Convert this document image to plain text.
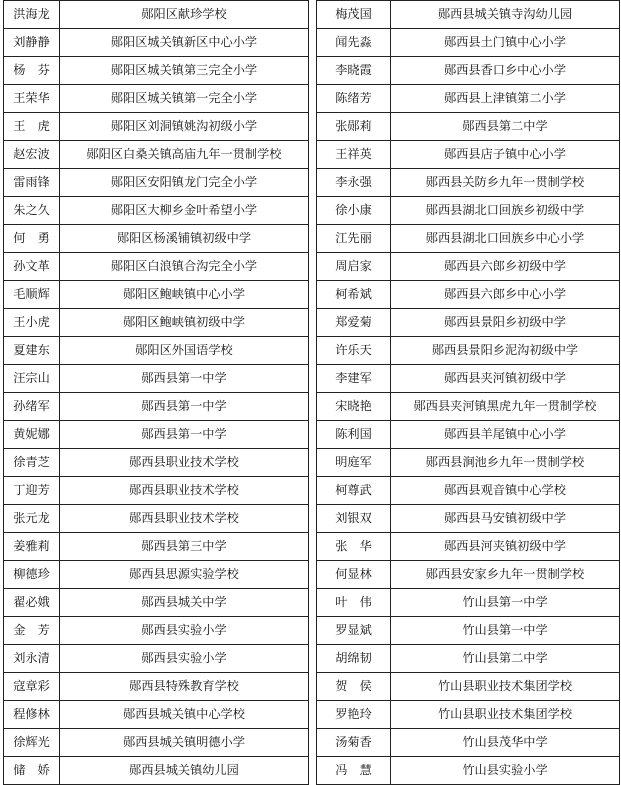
洪海龙	郧阳区献珍学校
刘静静	郧阳区城关镇新区中心小学
杨　芬	郧阳区城关镇第三完全小学
王荣华	郧阳区城关镇第一完全小学
王　虎	郧阳区刘洞镇姚沟初级小学
赵宏波	郧阳区白桑关镇高庙九年一贯制学校
雷雨锋	郧阳区安阳镇龙门完全小学
朱之久	郧阳区大柳乡金叶希望小学
何　勇	郧阳区杨溪铺镇初级中学
孙文革	郧阳区白浪镇合沟完全小学
毛顺辉	郧阳区鲍峡镇中心小学
王小虎	郧阳区鲍峡镇初级中学
夏建东	郧阳区外国语学校
汪宗山	郧西县第一中学
孙绪军	郧西县第一中学
黄妮娜	郧西县第一中学
徐青芝	郧西县职业技术学校
丁迎芳	郧西县职业技术学校
张元龙	郧西县职业技术学校
姜雅莉	郧西县第三中学
柳德珍	郧西县思源实验学校
翟必娥	郧西县城关中学
金　芳	郧西县实验小学
刘永清	郧西县实验小学
寇章彩	郧西县特殊教育学校
程修林	郧西县城关镇中心学校
徐辉光	郧西县城关镇明德小学
储　娇	郧西县城关镇幼儿园
梅茂国	郧西县城关镇寺沟幼儿园
闻先淼	郧西县土门镇中心小学
李晓霞	郧西县香口乡中心小学
陈绪芳	郧西县上津镇第二小学
张郧莉	郧西县第二中学
王祥英	郧西县店子镇中心小学
李永强	郧西县关防乡九年一贯制学校
徐小康	郧西县湖北口回族乡初级中学
江先丽	郧西县湖北口回族乡中心小学
周启家	郧西县六郎乡初级中学
柯希斌	郧西县六郎乡中心小学
郑爱菊	郧西县景阳乡初级中学
许乐天	郧西县景阳乡泥沟初级中学
李建军	郧西县夹河镇初级中学
宋晓艳	郧西县夹河镇黑虎九年一贯制学校
陈利国	郧西县羊尾镇中心小学
明庭军	郧西县涧池乡九年一贯制学校
柯尊武	郧西县观音镇中心学校
刘银双	郧西县马安镇初级中学
张　华	郧西县河夹镇初级中学
何显林	郧西县安家乡九年一贯制学校
叶　伟	竹山县第一中学
罗显斌	竹山县第一中学
胡绵韧	竹山县第二中学
贺　侯	竹山县职业技术集团学校
罗艳玲	竹山县职业技术集团学校
汤菊香	竹山县茂华中学
冯　慧	竹山县实验小学
